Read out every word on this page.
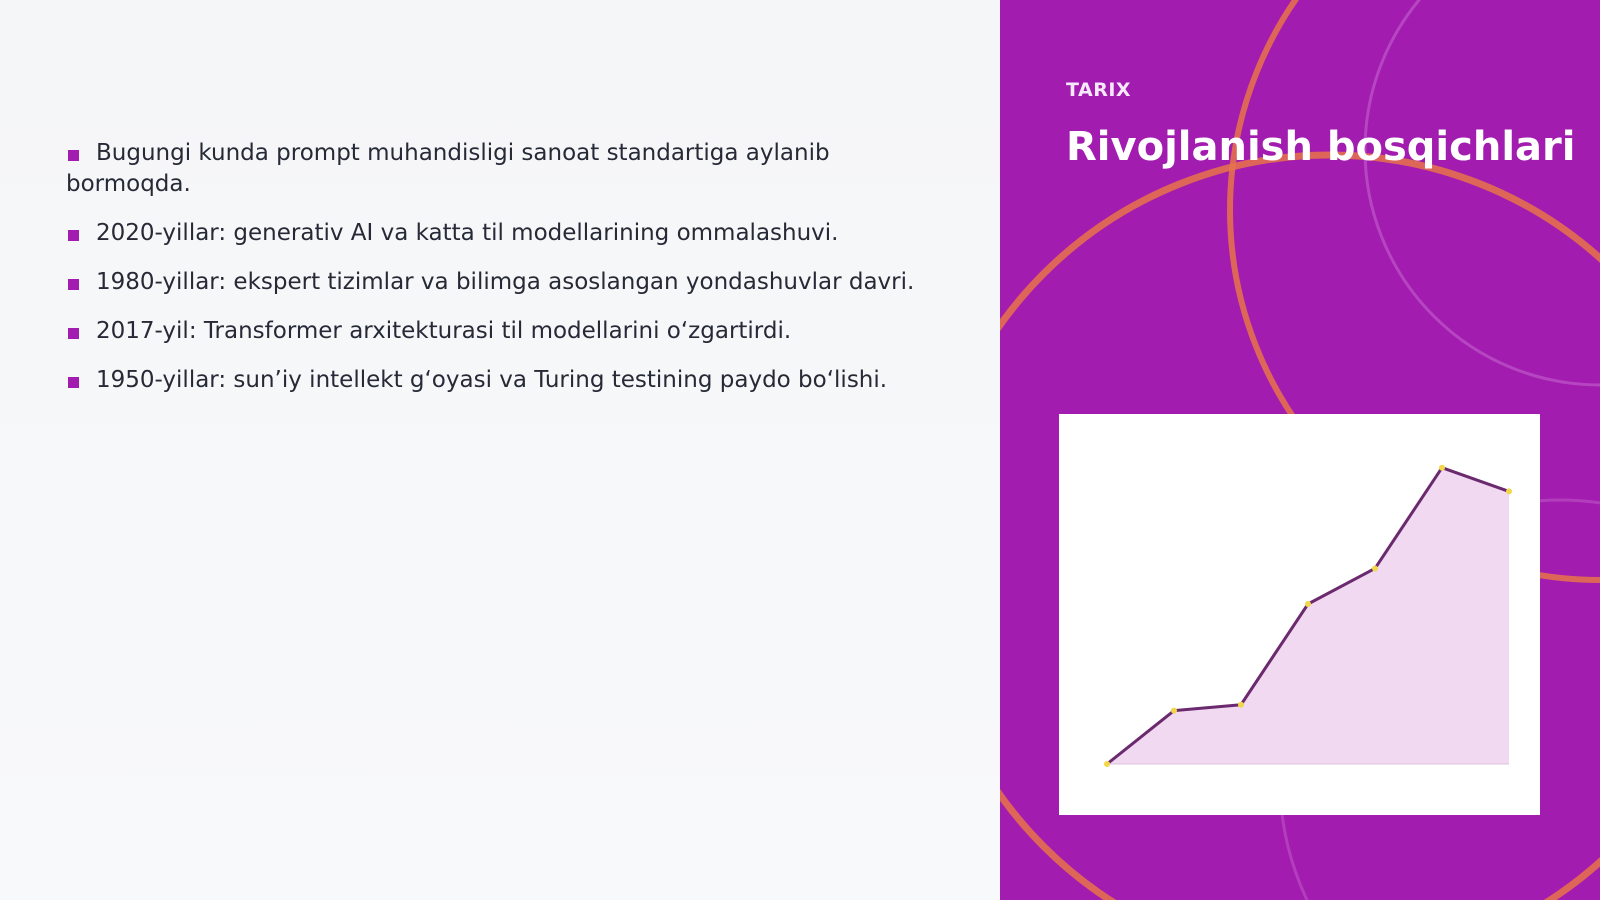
Bugungi kunda prompt muhandisligi sanoat standartiga aylanib bormoqda.
2020-yillar: generativ AI va katta til modellarining ommalashuvi.
1980-yillar: ekspert tizimlar va bilimga asoslangan yondashuvlar davri.
2017-yil: Transformer arxitekturasi til modellarini o‘zgartirdi.
1950-yillar: sun’iy intellekt g‘oyasi va Turing testining paydo bo‘lishi.
TARIX
Rivojlanish bosqichlari
